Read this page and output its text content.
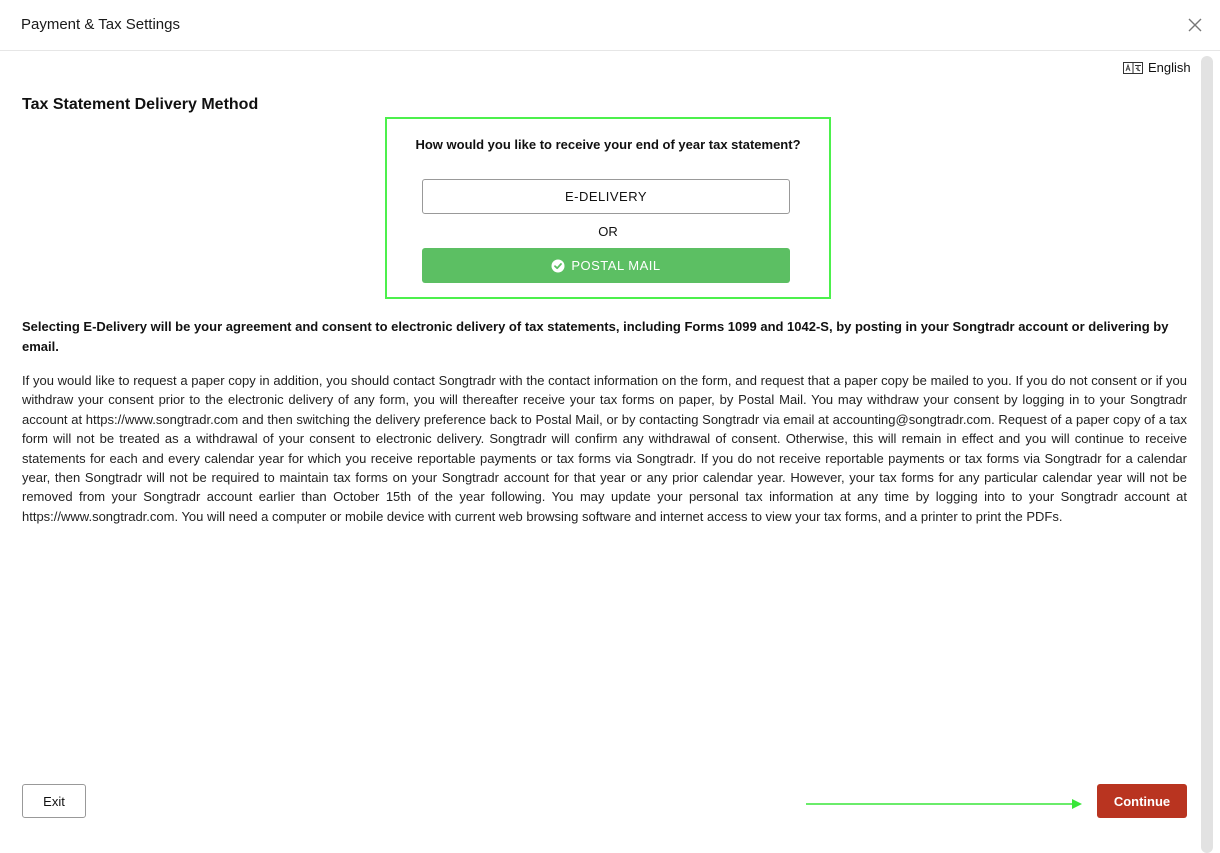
Payment & Tax Settings
English
Tax Statement Delivery Method
How would you like to receive your end of year tax statement?
E-DELIVERY
OR
POSTAL MAIL

Selecting E-Delivery will be your agreement and consent to electronic delivery of tax statements, including Forms 1099 and 1042-S, by posting in your Songtradr account or delivering by email.

If you would like to request a paper copy in addition, you should contact Songtradr with the contact information on the form, and request that a paper copy be mailed to you. If you do not consent or if you withdraw your consent prior to the electronic delivery of any form, you will thereafter receive your tax forms on paper, by Postal Mail. You may withdraw your consent by logging in to your Songtradr account at https://www.songtradr.com and then switching the delivery preference back to Postal Mail, or by contacting Songtradr via email at accounting@songtradr.com. Request of a paper copy of a tax form will not be treated as a withdrawal of your consent to electronic delivery. Songtradr will confirm any withdrawal of consent. Otherwise, this will remain in effect and you will continue to receive statements for each and every calendar year for which you receive reportable payments or tax forms via Songtradr. If you do not receive reportable payments or tax forms via Songtradr for a calendar year, then Songtradr will not be required to maintain tax forms on your Songtradr account for that year or any prior calendar year. However, your tax forms for any particular calendar year will not be removed from your Songtradr account earlier than October 15th of the year following. You may update your personal tax information at any time by logging into to your Songtradr account at https://www.songtradr.com. You will need a computer or mobile device with current web browsing software and internet access to view your tax forms, and a printer to print the PDFs.

Exit	Continue
